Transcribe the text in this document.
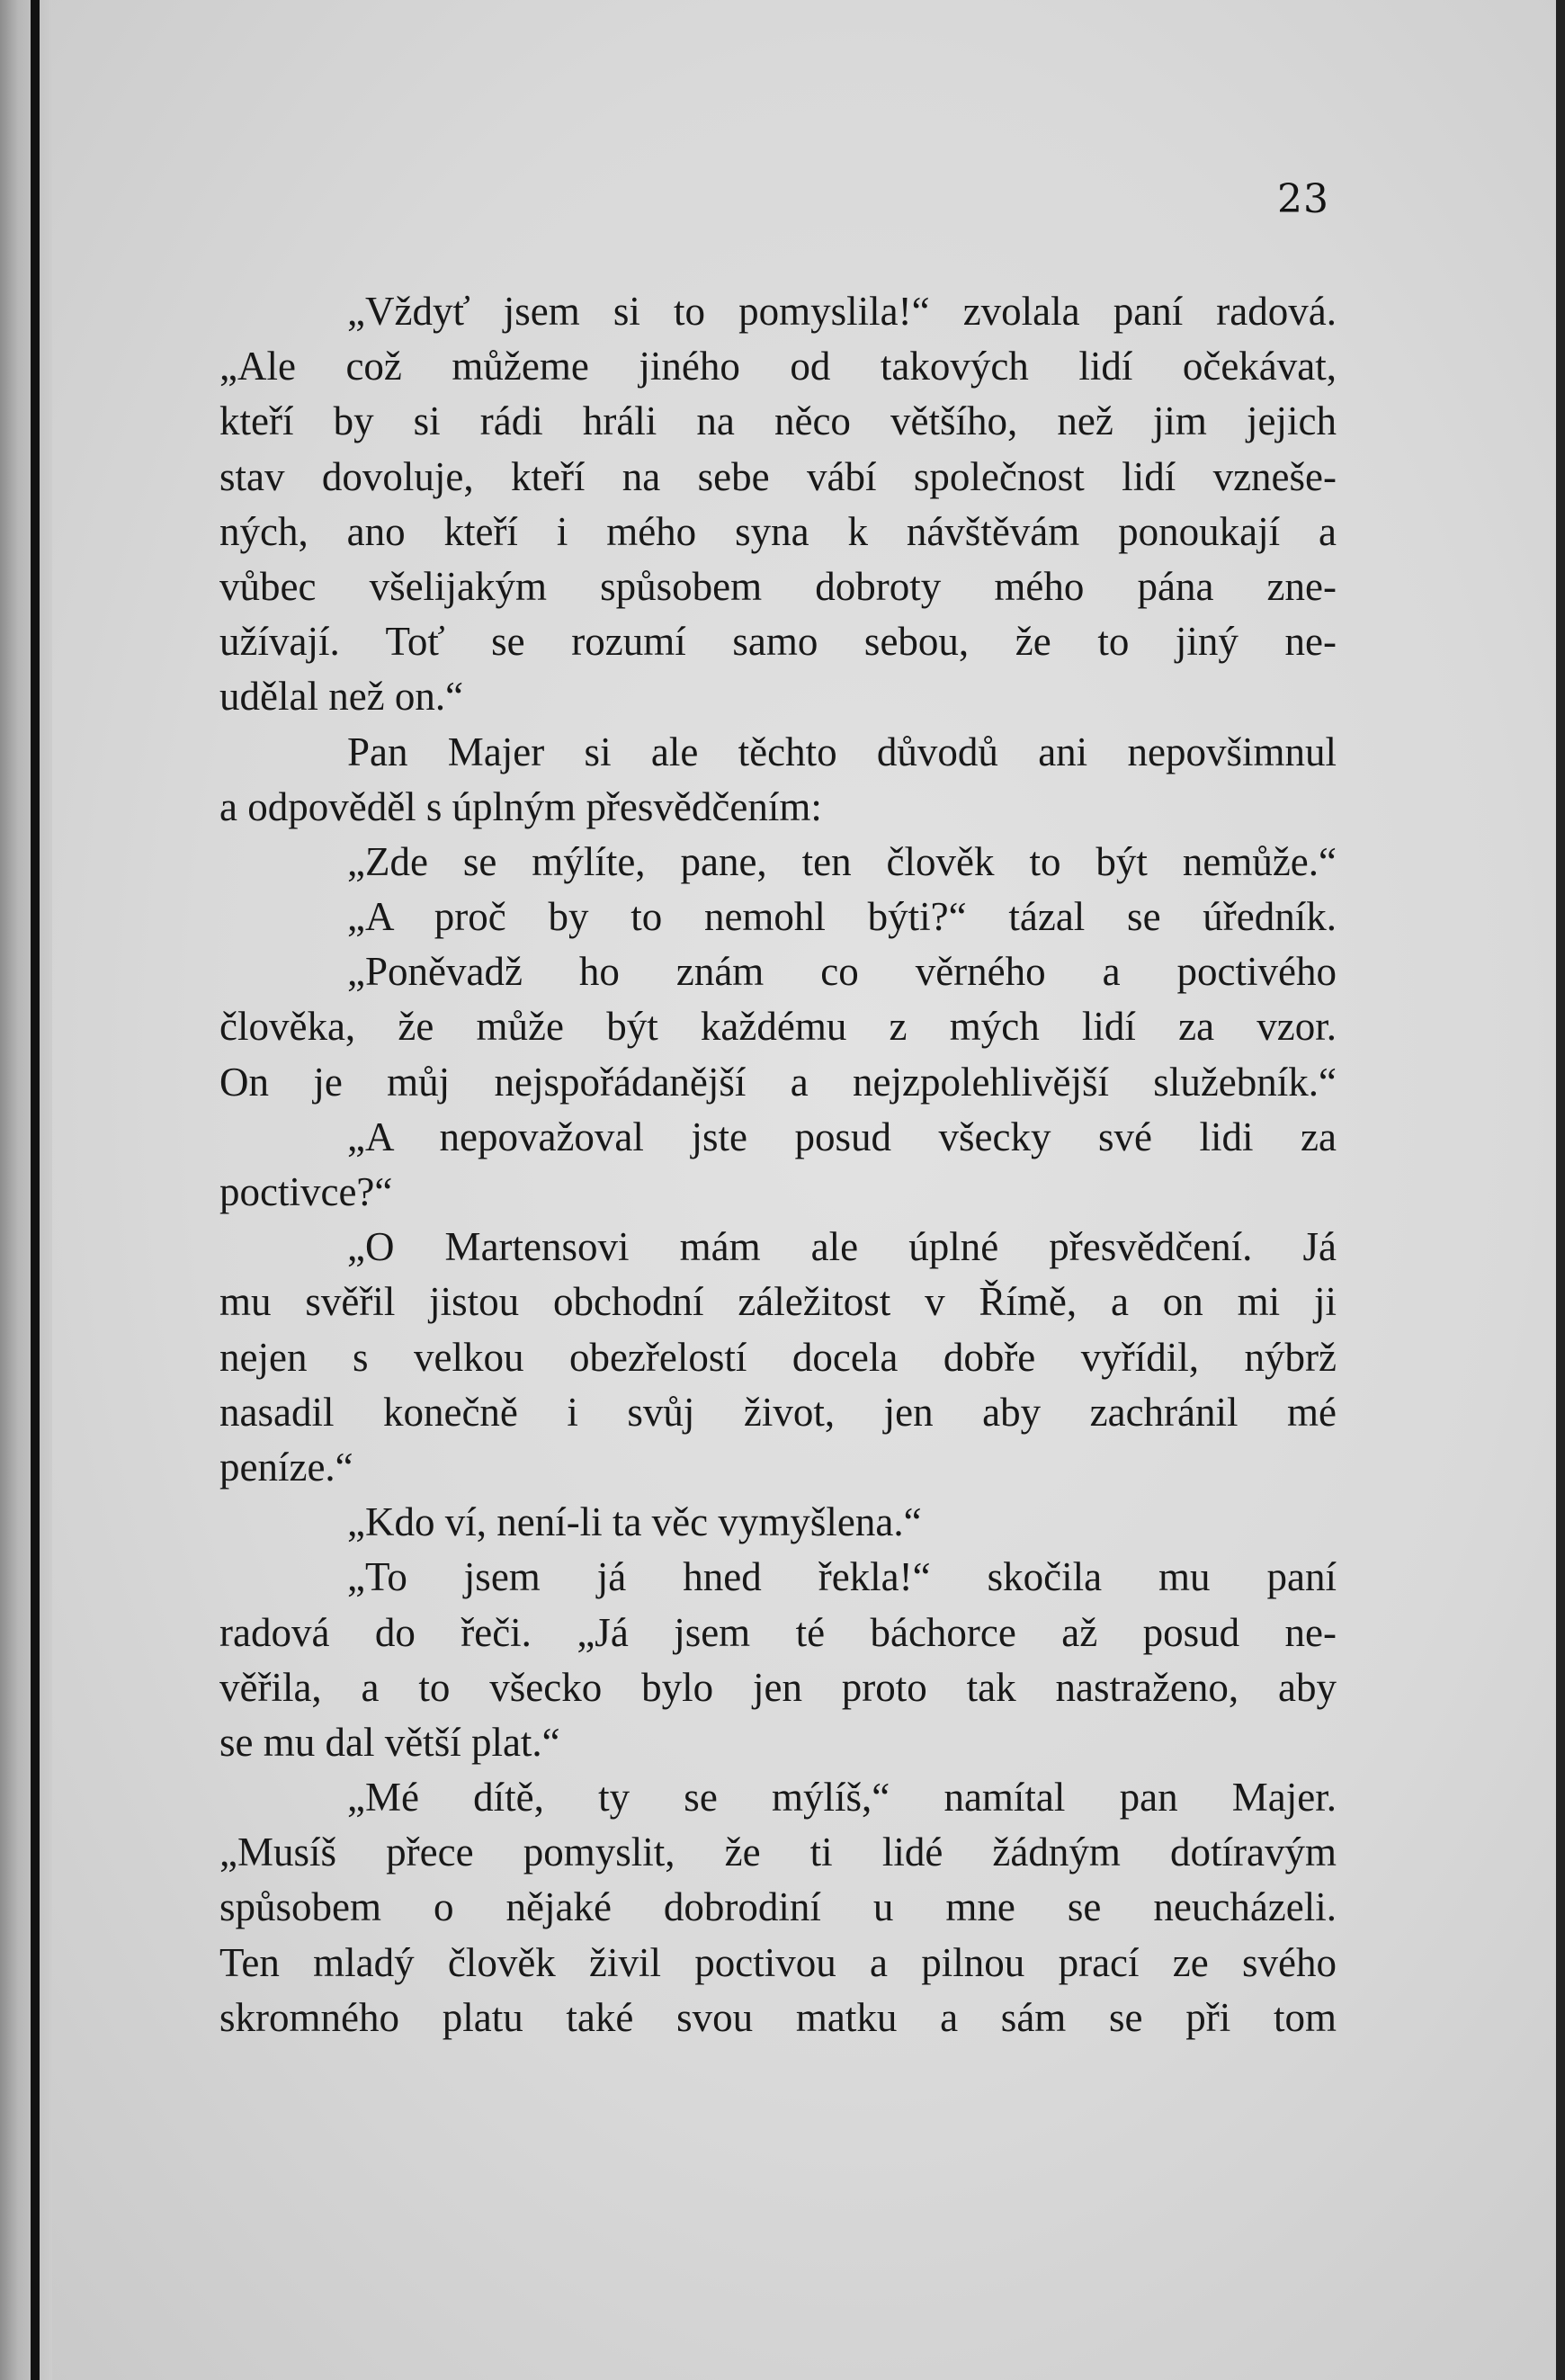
23
„Vždyť jsem si to pomyslila!“ zvolala paní radová.
„Ale což můžeme jiného od takových lidí očekávat,
kteří by si rádi hráli na něco většího, než jim jejich
stav dovoluje, kteří na sebe vábí společnost lidí vzneše-
ných, ano kteří i mého syna k návštěvám ponoukají a
vůbec všelijakým spůsobem dobroty mého pána zne-
užívají. Toť se rozumí samo sebou, že to jiný ne-
udělal než on.“
Pan Majer si ale těchto důvodů ani nepovšimnul
a odpověděl s úplným přesvědčením:
„Zde se mýlíte, pane, ten člověk to být nemůže.“
„A proč by to nemohl býti?“ tázal se úředník.
„Poněvadž ho znám co věrného a poctivého
člověka, že může být každému z mých lidí za vzor.
On je můj nejspořádanější a nejzpolehlivější služebník.“
„A nepovažoval jste posud všecky své lidi za
poctivce?“
„O Martensovi mám ale úplné přesvědčení. Já
mu svěřil jistou obchodní záležitost v Římě, a on mi ji
nejen s velkou obezřelostí docela dobře vyřídil, nýbrž
nasadil konečně i svůj život, jen aby zachránil mé
peníze.“
„Kdo ví, není-li ta věc vymyšlena.“
„To jsem já hned řekla!“ skočila mu paní
radová do řeči. „Já jsem té báchorce až posud ne-
věřila, a to všecko bylo jen proto tak nastraženo, aby
se mu dal větší plat.“
„Mé dítě, ty se mýlíš,“ namítal pan Majer.
„Musíš přece pomyslit, že ti lidé žádným dotíravým
spůsobem o nějaké dobrodiní u mne se neucházeli.
Ten mladý člověk živil poctivou a pilnou prací ze svého
skromného platu také svou matku a sám se při tom
